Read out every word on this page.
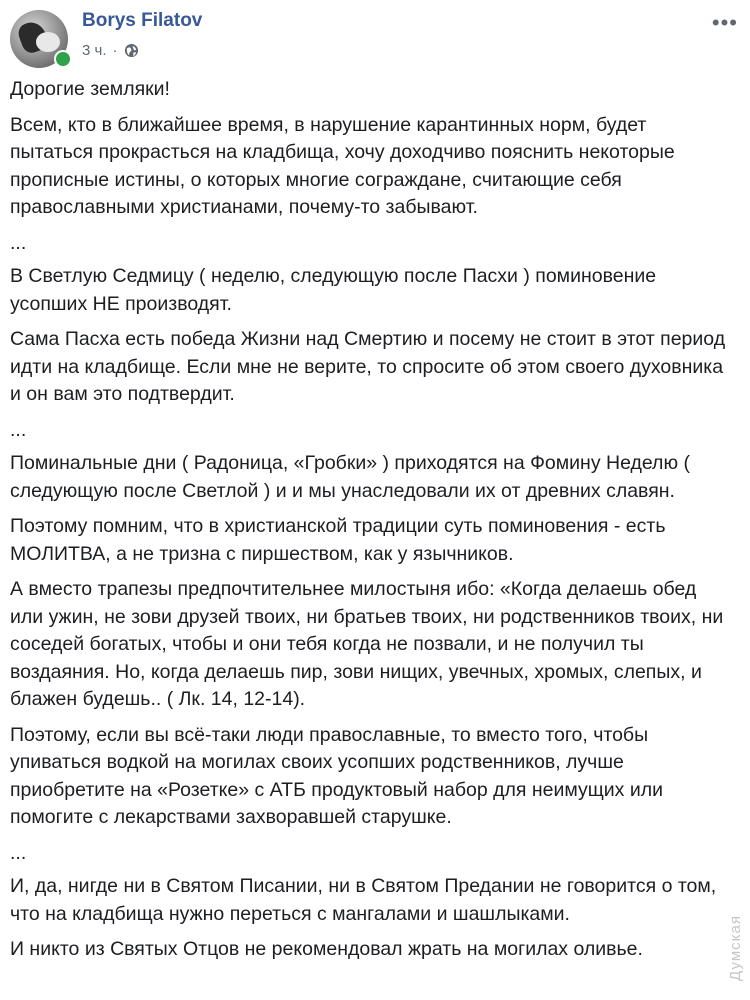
Borys Filatov
3 ч. ·
•••

Дорогие земляки!

Всем, кто в ближайшее время, в нарушение карантинных норм, будет пытаться прокрасться на кладбища, хочу доходчиво пояснить некоторые прописные истины, о которых многие сограждане, считающие себя православными христианами, почему-то забывают.

...

В Светлую Седмицу ( неделю, следующую после Пасхи ) поминовение усопших НЕ производят.

Сама Пасха есть победа Жизни над Смертию и посему не стоит в этот период идти на кладбище. Если мне не верите, то спросите об этом своего духовника и он вам это подтвердит.

...

Поминальные дни ( Радоница, «Гробки» ) приходятся на Фомину Неделю ( следующую после Светлой ) и и мы унаследовали их от древних славян.

Поэтому помним, что в христианской традиции суть поминовения - есть МОЛИТВА, а не тризна с пиршеством, как у язычников.

А вместо трапезы предпочтительнее милостыня ибо: «Когда делаешь обед или ужин, не зови друзей твоих, ни братьев твоих, ни родственников твоих, ни соседей богатых, чтобы и они тебя когда не позвали, и не получил ты воздаяния. Но, когда делаешь пир, зови нищих, увечных, хромых, слепых, и блажен будешь.. ( Лк. 14, 12-14).

Поэтому, если вы всё-таки люди православные, то вместо того, чтобы упиваться водкой на могилах своих усопших родственников, лучше приобретите на «Розетке» с АТБ продуктовый набор для неимущих или помогите с лекарствами захворавшей старушке.

...

И, да, нигде ни в Святом Писании, ни в Святом Предании не говорится о том, что на кладбища нужно переться с мангалами и шашлыками.

И никто из Святых Отцов не рекомендовал жрать на могилах оливье.	Думская
